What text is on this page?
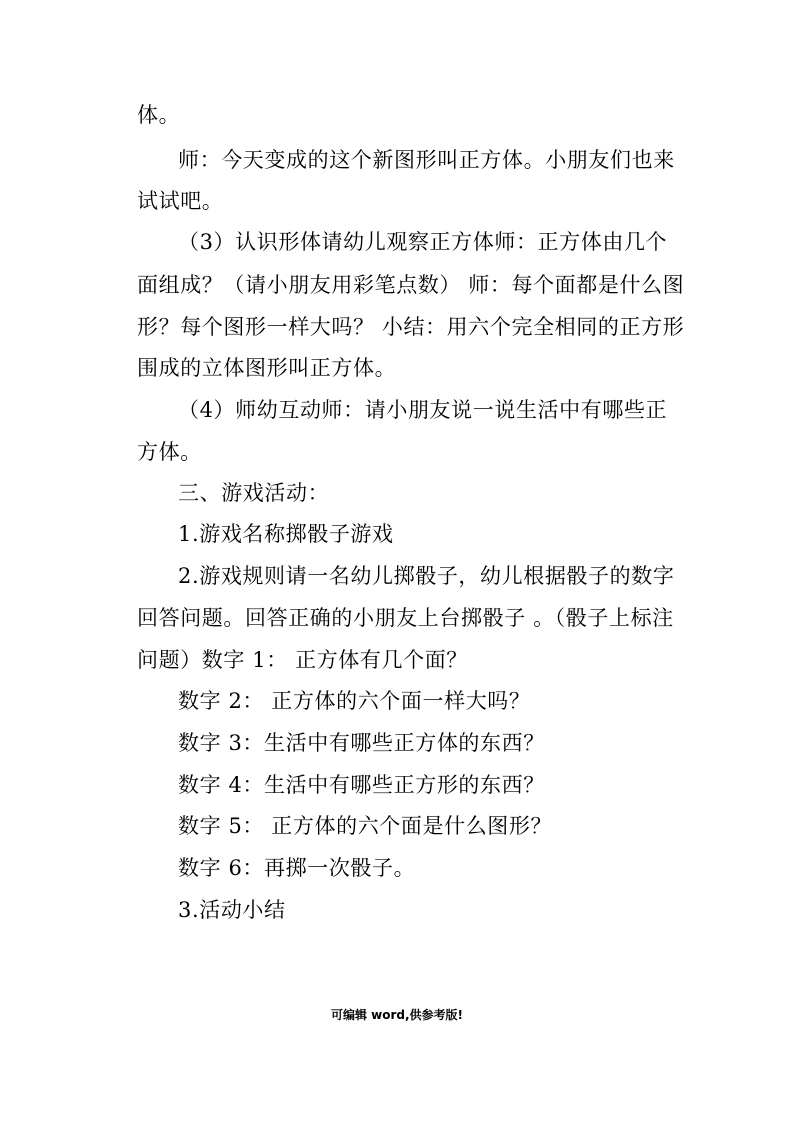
体。
师：今天变成的这个新图形叫正方体。小朋友们也来
试试吧。
（3）认识形体请幼儿观察正方体师：正方体由几个
面组成？（请小朋友用彩笔点数） 师：每个面都是什么图
形？每个图形一样大吗？ 小结：用六个完全相同的正方形
围成的立体图形叫正方体。
（4）师幼互动师：请小朋友说一说生活中有哪些正
方体。
三、游戏活动：
1.游戏名称掷骰子游戏
2.游戏规则请一名幼儿掷骰子，幼儿根据骰子的数字
回答问题。回答正确的小朋友上台掷骰子 。（骰子上标注
问题）数字 1： 正方体有几个面？
数字 2： 正方体的六个面一样大吗？
数字 3：生活中有哪些正方体的东西？
数字 4：生活中有哪些正方形的东西？
数字 5： 正方体的六个面是什么图形？
数字 6：再掷一次骰子。
3.活动小结
可编辑 word,供参考版!
